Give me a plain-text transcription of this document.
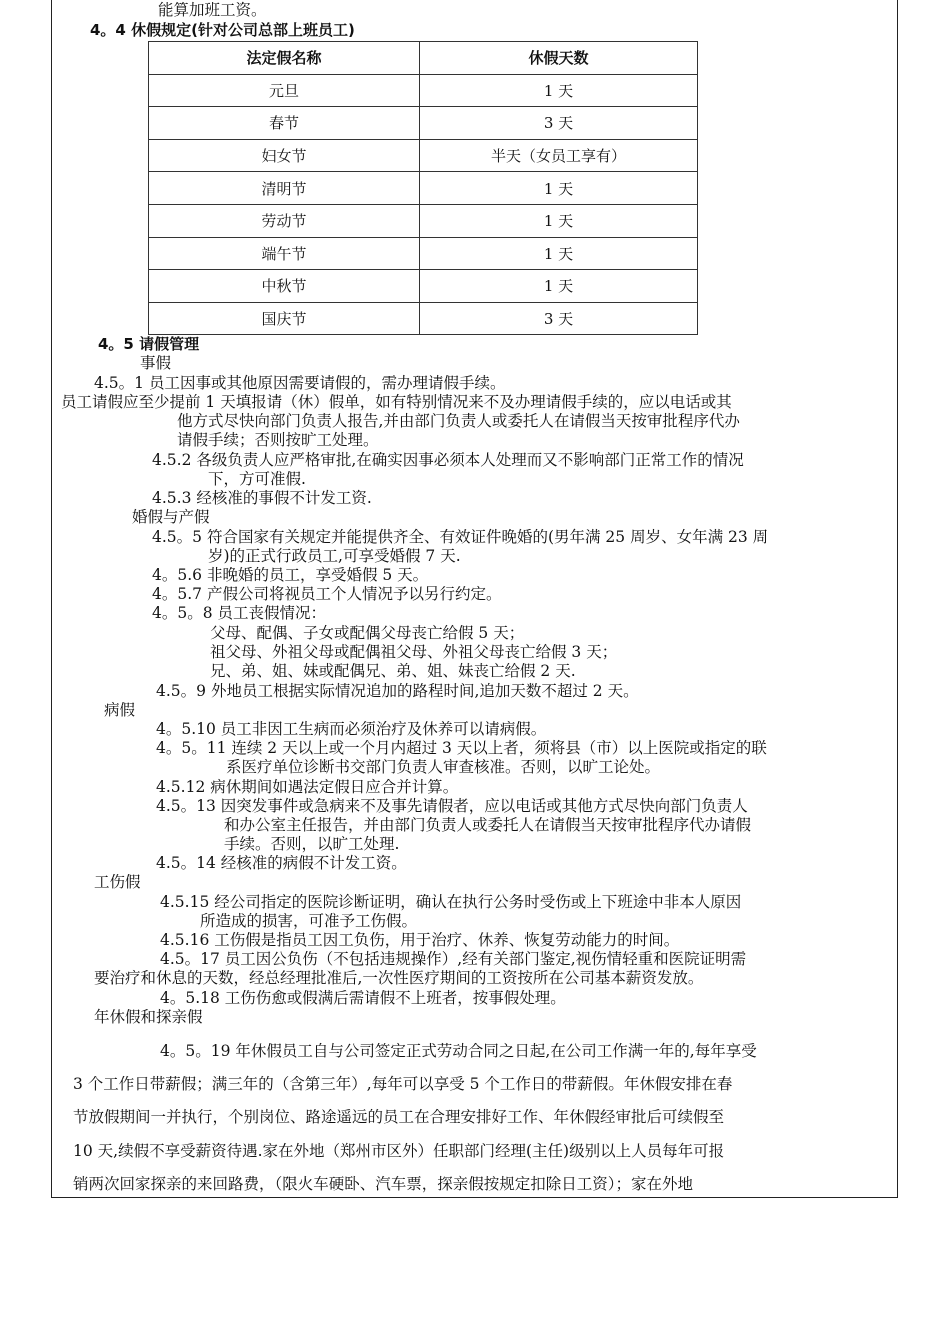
能算加班工资。
4。4 休假规定(针对公司总部上班员工)
法定假名称	休假天数
元旦	1 天
春节	3 天
妇女节	半天（女员工享有）
清明节	1 天
劳动节	1 天
端午节	1 天
中秋节	1 天
国庆节	3 天
4。5 请假管理
事假
4.5。1 员工因事或其他原因需要请假的，需办理请假手续。
员工请假应至少提前 1 天填报请（休）假单，如有特别情况来不及办理请假手续的，应以电话或其
他方式尽快向部门负责人报告,并由部门负责人或委托人在请假当天按审批程序代办
请假手续；否则按旷工处理。
4.5.2 各级负责人应严格审批,在确实因事必须本人处理而又不影响部门正常工作的情况
下，方可准假.
4.5.3 经核准的事假不计发工资.
婚假与产假
4.5。5 符合国家有关规定并能提供齐全、有效证件晚婚的(男年满 25 周岁、女年满 23 周
岁)的正式行政员工,可享受婚假 7 天.
4。5.6 非晚婚的员工，享受婚假 5 天。
4。5.7 产假公司将视员工个人情况予以另行约定。
4。5。8 员工丧假情况：
父母、配偶、子女或配偶父母丧亡给假 5 天；
祖父母、外祖父母或配偶祖父母、外祖父母丧亡给假 3 天；
兄、弟、姐、妹或配偶兄、弟、姐、妹丧亡给假 2 天.
4.5。9 外地员工根据实际情况追加的路程时间,追加天数不超过 2 天。
病假
4。5.10 员工非因工生病而必须治疗及休养可以请病假。
4。5。11 连续 2 天以上或一个月内超过 3 天以上者，须将县（市）以上医院或指定的联
系医疗单位诊断书交部门负责人审查核准。否则，以旷工论处。
4.5.12 病休期间如遇法定假日应合并计算。
4.5。13 因突发事件或急病来不及事先请假者，应以电话或其他方式尽快向部门负责人
和办公室主任报告，并由部门负责人或委托人在请假当天按审批程序代办请假
手续。否则，以旷工处理.
4.5。14 经核准的病假不计发工资。
工伤假
4.5.15 经公司指定的医院诊断证明，确认在执行公务时受伤或上下班途中非本人原因
所造成的损害，可准予工伤假。
4.5.16 工伤假是指员工因工负伤，用于治疗、休养、恢复劳动能力的时间。
4.5。17 员工因公负伤（不包括违规操作）,经有关部门鉴定,视伤情轻重和医院证明需
要治疗和休息的天数，经总经理批准后,一次性医疗期间的工资按所在公司基本薪资发放。
4。5.18 工伤伤愈或假满后需请假不上班者，按事假处理。
年休假和探亲假
4。5。19 年休假员工自与公司签定正式劳动合同之日起,在公司工作满一年的,每年享受
3 个工作日带薪假；满三年的（含第三年）,每年可以享受 5 个工作日的带薪假。年休假安排在春
节放假期间一并执行，个别岗位、路途遥远的员工在合理安排好工作、年休假经审批后可续假至
10 天,续假不享受薪资待遇.家在外地（郑州市区外）任职部门经理(主任)级别以上人员每年可报
销两次回家探亲的来回路费，（限火车硬卧、汽车票，探亲假按规定扣除日工资）；家在外地
